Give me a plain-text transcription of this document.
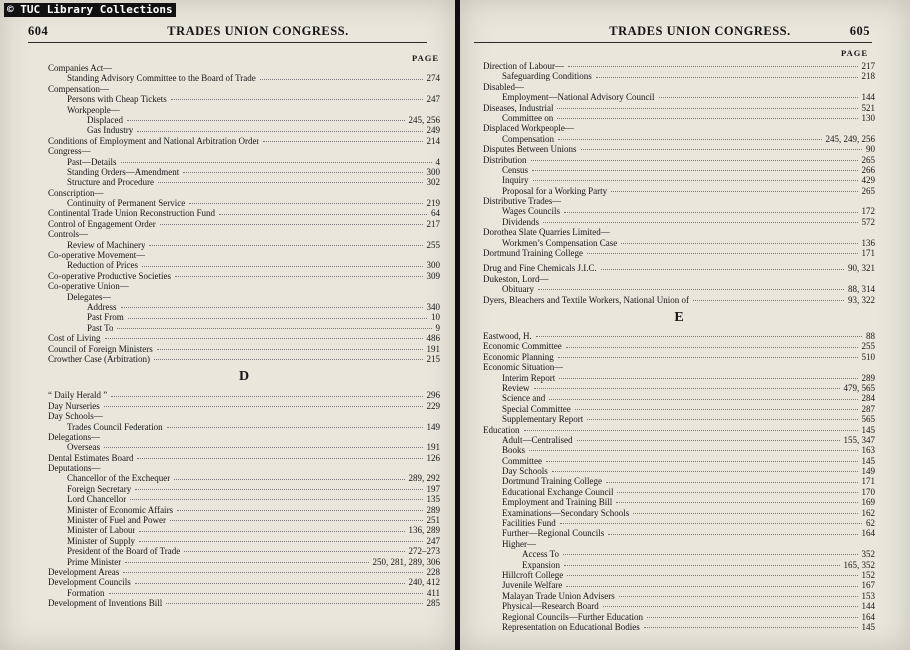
© TUC Library Collections
604	TRADES UNION CONGRESS.
PAGE
Companies Act—
Standing Advisory Committee to the Board of Trade	274
Compensation—
Persons with Cheap Tickets	247
Workpeople—
Displaced	245, 256
Gas Industry	249
Conditions of Employment and National Arbitration Order	214
Congress—
Past—Details	4
Standing Orders—Amendment	300
Structure and Procedure	302
Conscription—
Continuity of Permanent Service	219
Continental Trade Union Reconstruction Fund	64
Control of Engagement Order	217
Controls—
Review of Machinery	255
Co-operative Movement—
Reduction of Prices	300
Co-operative Productive Societies	309
Co-operative Union—
Delegates—
Address	340
Past From	10
Past To	9
Cost of Living	486
Council of Foreign Ministers	191
Crowther Case (Arbitration)	215
D
“ Daily Herald ”	296
Day Nurseries	229
Day Schools—
Trades Council Federation	149
Delegations—
Overseas	191
Dental Estimates Board	126
Deputations—
Chancellor of the Exchequer	289, 292
Foreign Secretary	197
Lord Chancellor	135
Minister of Economic Affairs	289
Minister of Fuel and Power	251
Minister of Labour	136, 289
Minister of Supply	247
President of the Board of Trade	272–273
Prime Minister	250, 281, 289, 306
Development Areas	228
Development Councils	240, 412
Formation	411
Development of Inventions Bill	285
TRADES UNION CONGRESS.	605
PAGE
Direction of Labour—	217
Safeguarding Conditions	218
Disabled—
Employment—National Advisory Council	144
Diseases, Industrial	521
Committee on	130
Displaced Workpeople—
Compensation	245, 249, 256
Disputes Between Unions	90
Distribution	265
Census	266
Inquiry	429
Proposal for a Working Party	265
Distributive Trades—
Wages Councils	172
Dividends	572
Dorothea Slate Quarries Limited—
Workmen’s Compensation Case	136
Dortmund Training College	171
Drug and Fine Chemicals J.I.C.	90, 321
Dukeston, Lord—
Obituary	88, 314
Dyers, Bleachers and Textile Workers, National Union of	93, 322
E
Eastwood, H.	88
Economic Committee	255
Economic Planning	510
Economic Situation—
Interim Report	289
Review	479, 565
Science and	284
Special Committee	287
Supplementary Report	565
Education	145
Adult—Centralised	155, 347
Books	163
Committee	145
Day Schools	149
Dortmund Training College	171
Educational Exchange Council	170
Employment and Training Bill	169
Examinations—Secondary Schools	162
Facilities Fund	62
Further—Regional Councils	164
Higher—
Access To	352
Expansion	165, 352
Hillcroft College	152
Juvenile Welfare	167
Malayan Trade Union Advisers	153
Physical—Research Board	144
Regional Councils—Further Education	164
Representation on Educational Bodies	145
